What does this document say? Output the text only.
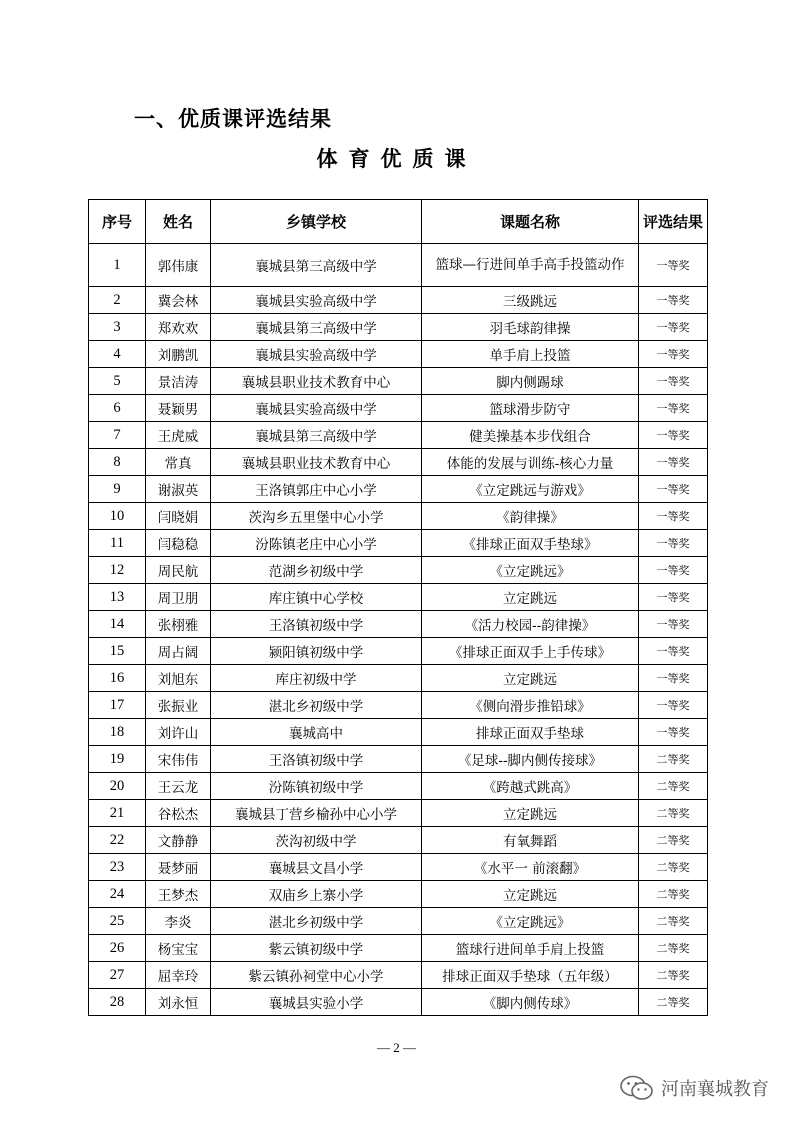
一、优质课评选结果
体育优质课
序号	姓名	乡镇学校	课题名称	评选结果
1	郭伟康	襄城县第三高级中学	篮球—行进间单手高手投篮动作	一等奖
2	冀会林	襄城县实验高级中学	三级跳远	一等奖
3	郑欢欢	襄城县第三高级中学	羽毛球韵律操	一等奖
4	刘鹏凯	襄城县实验高级中学	单手肩上投篮	一等奖
5	景洁涛	襄城县职业技术教育中心	脚内侧踢球	一等奖
6	聂颖男	襄城县实验高级中学	篮球滑步防守	一等奖
7	王虎威	襄城县第三高级中学	健美操基本步伐组合	一等奖
8	常真	襄城县职业技术教育中心	体能的发展与训练-核心力量	一等奖
9	谢淑英	王洛镇郭庄中心小学	《立定跳远与游戏》	一等奖
10	闫晓娟	茨沟乡五里堡中心小学	《韵律操》	一等奖
11	闫稳稳	汾陈镇老庄中心小学	《排球正面双手垫球》	一等奖
12	周民航	范湖乡初级中学	《立定跳远》	一等奖
13	周卫朋	库庄镇中心学校	立定跳远	一等奖
14	张栩雅	王洛镇初级中学	《活力校园--韵律操》	一等奖
15	周占阔	颍阳镇初级中学	《排球正面双手上手传球》	一等奖
16	刘旭东	库庄初级中学	立定跳远	一等奖
17	张振业	湛北乡初级中学	《侧向滑步推铅球》	一等奖
18	刘许山	襄城高中	排球正面双手垫球	一等奖
19	宋伟伟	王洛镇初级中学	《足球--脚内侧传接球》	二等奖
20	王云龙	汾陈镇初级中学	《跨越式跳高》	二等奖
21	谷松杰	襄城县丁营乡榆孙中心小学	立定跳远	二等奖
22	文静静	茨沟初级中学	有氧舞蹈	二等奖
23	聂梦丽	襄城县文昌小学	《水平一 前滚翻》	二等奖
24	王梦杰	双庙乡上寨小学	立定跳远	二等奖
25	李炎	湛北乡初级中学	《立定跳远》	二等奖
26	杨宝宝	紫云镇初级中学	篮球行进间单手肩上投篮	二等奖
27	屈幸玲	紫云镇孙祠堂中心小学	排球正面双手垫球（五年级）	二等奖
28	刘永恒	襄城县实验小学	《脚内侧传球》	二等奖
— 2 —
河南襄城教育
